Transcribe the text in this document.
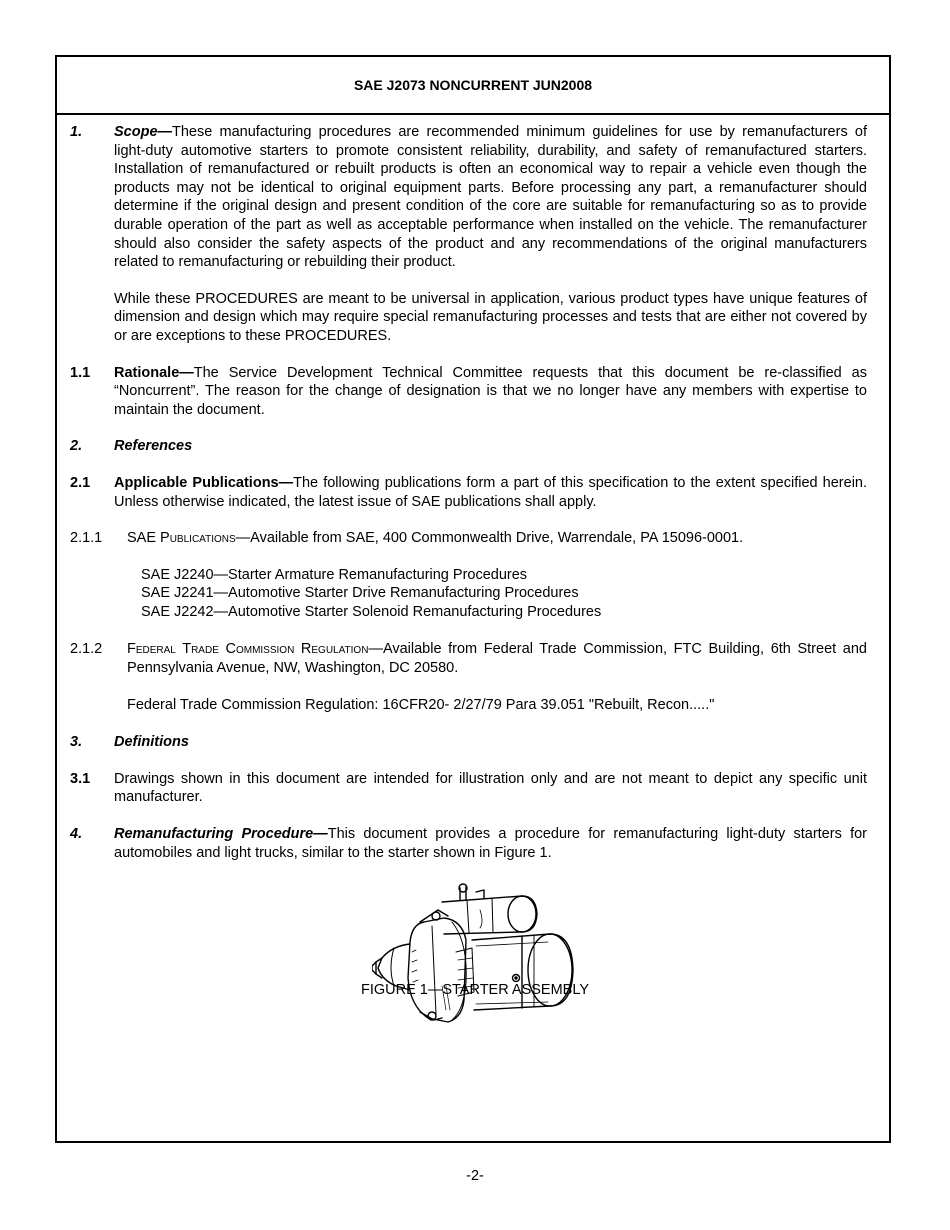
SAE J2073 NONCURRENT JUN2008
1. Scope—These manufacturing procedures are recommended minimum guidelines for use by remanufacturers of light-duty automotive starters to promote consistent reliability, durability, and safety of remanufactured starters. Installation of remanufactured or rebuilt products is often an economical way to repair a vehicle even though the products may not be identical to original equipment parts. Before processing any part, a remanufacturer should determine if the original design and present condition of the core are suitable for remanufacturing so as to provide durable operation of the part as well as acceptable performance when installed on the vehicle. The remanufacturer should also consider the safety aspects of the product and any recommendations of the original manufacturers related to remanufacturing or rebuilding their product.
While these PROCEDURES are meant to be universal in application, various product types have unique features of dimension and design which may require special remanufacturing processes and tests that are either not covered by or are exceptions to these PROCEDURES.
1.1 Rationale—The Service Development Technical Committee requests that this document be re-classified as “Noncurrent”. The reason for the change of designation is that we no longer have any members with expertise to maintain the document.
2. References
2.1 Applicable Publications—The following publications form a part of this specification to the extent specified herein. Unless otherwise indicated, the latest issue of SAE publications shall apply.
2.1.1 SAE Publications—Available from SAE, 400 Commonwealth Drive, Warrendale, PA 15096-0001.
SAE J2240—Starter Armature Remanufacturing Procedures
SAE J2241—Automotive Starter Drive Remanufacturing Procedures
SAE J2242—Automotive Starter Solenoid Remanufacturing Procedures
2.1.2 Federal Trade Commission Regulation—Available from Federal Trade Commission, FTC Building, 6th Street and Pennsylvania Avenue, NW, Washington, DC 20580.
Federal Trade Commission Regulation: 16CFR20- 2/27/79 Para 39.051 "Rebuilt, Recon....."
3. Definitions
3.1 Drawings shown in this document are intended for illustration only and are not meant to depict any specific unit manufacturer.
4. Remanufacturing Procedure—This document provides a procedure for remanufacturing light-duty starters for automobiles and light trucks, similar to the starter shown in Figure 1.
FIGURE 1—STARTER ASSEMBLY
-2-
